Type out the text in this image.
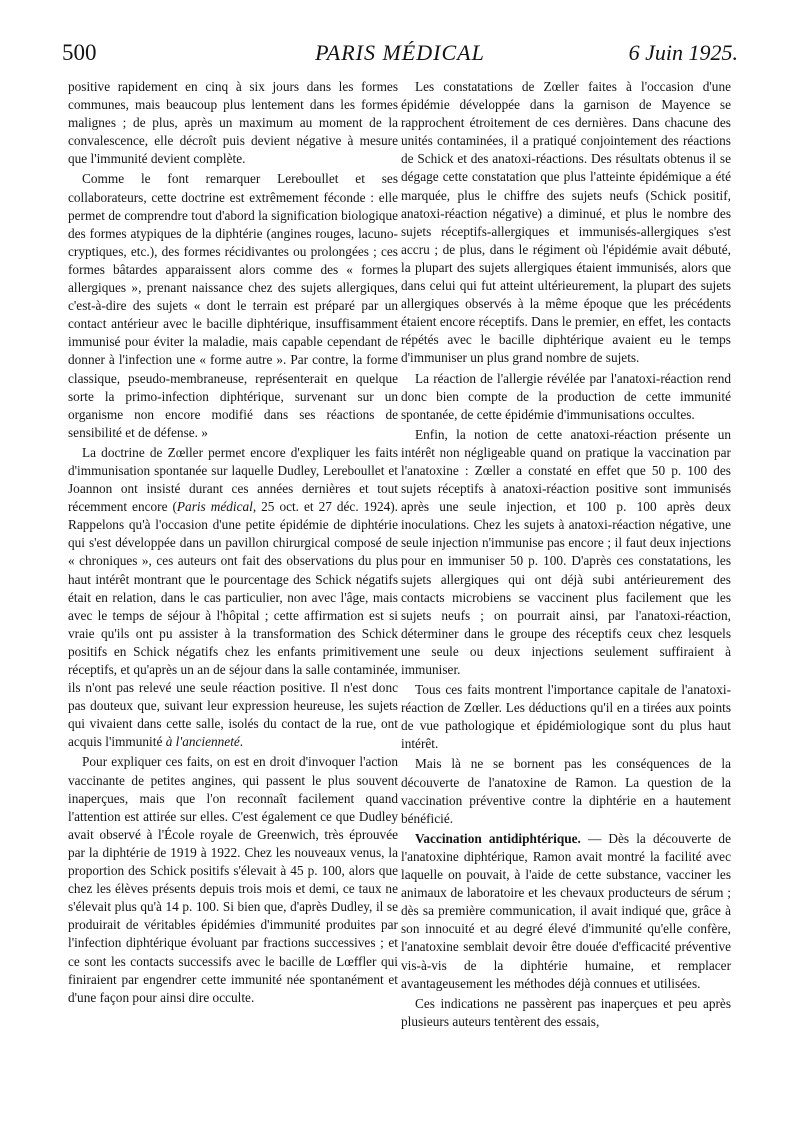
500	PARIS MÉDICAL	6 Juin 1925.

positive rapidement en cinq à six jours dans les formes communes, mais beaucoup plus lentement dans les formes malignes ; de plus, après un maximum au moment de la convalescence, elle décroît puis devient négative à mesure que l'immunité devient complète.

Comme le font remarquer Lereboullet et ses collaborateurs, cette doctrine est extrêmement féconde : elle permet de comprendre tout d'abord la signification biologique des formes atypiques de la diphtérie (angines rouges, lacuno-cryptiques, etc.), des formes récidivantes ou prolongées ; ces formes bâtardes apparaissent alors comme des « formes allergiques », prenant naissance chez des sujets allergiques, c'est-à-dire des sujets « dont le terrain est préparé par un contact antérieur avec le bacille diphtérique, insuffisamment immunisé pour éviter la maladie, mais capable cependant de donner à l'infection une « forme autre ». Par contre, la forme classique, pseudo-membraneuse, représenterait en quelque sorte la primo-infection diphtérique, survenant sur un organisme non encore modifié dans ses réactions de sensibilité et de défense. »

La doctrine de Zœller permet encore d'expliquer les faits d'immunisation spontanée sur laquelle Dudley, Lereboullet et Joannon ont insisté durant ces années dernières et tout récemment encore (Paris médical, 25 oct. et 27 déc. 1924). Rappelons qu'à l'occasion d'une petite épidémie de diphtérie qui s'est développée dans un pavillon chirurgical composé de « chroniques », ces auteurs ont fait des observations du plus haut intérêt montrant que le pourcentage des Schick négatifs était en relation, dans le cas particulier, non avec l'âge, mais avec le temps de séjour à l'hôpital ; cette affirmation est si vraie qu'ils ont pu assister à la transformation des Schick positifs en Schick négatifs chez les enfants primitivement réceptifs, et qu'après un an de séjour dans la salle contaminée, ils n'ont pas relevé une seule réaction positive. Il n'est donc pas douteux que, suivant leur expression heureuse, les sujets qui vivaient dans cette salle, isolés du contact de la rue, ont acquis l'immunité à l'ancienneté.

Pour expliquer ces faits, on est en droit d'invoquer l'action vaccinante de petites angines, qui passent le plus souvent inaperçues, mais que l'on reconnaît facilement quand l'attention est attirée sur elles. C'est également ce que Dudley avait observé à l'École royale de Greenwich, très éprouvée par la diphtérie de 1919 à 1922. Chez les nouveaux venus, la proportion des Schick positifs s'élevait à 45 p. 100, alors que chez les élèves présents depuis trois mois et demi, ce taux ne s'élevait plus qu'à 14 p. 100. Si bien que, d'après Dudley, il se produirait de véritables épidémies d'immunité produites par l'infection diphtérique évoluant par fractions successives ; et ce sont les contacts successifs avec le bacille de Lœffler qui finiraient par engendrer cette immunité née spontanément et d'une façon pour ainsi dire occulte.

Les constatations de Zœller faites à l'occasion d'une épidémie développée dans la garnison de Mayence se rapprochent étroitement de ces dernières. Dans chacune des unités contaminées, il a pratiqué conjointement des réactions de Schick et des anatoxi-réactions. Des résultats obtenus il se dégage cette constatation que plus l'atteinte épidémique a été marquée, plus le chiffre des sujets neufs (Schick positif, anatoxi-réaction négative) a diminué, et plus le nombre des sujets réceptifs-allergiques et immunisés-allergiques s'est accru ; de plus, dans le régiment où l'épidémie avait débuté, la plupart des sujets allergiques étaient immunisés, alors que dans celui qui fut atteint ultérieurement, la plupart des sujets allergiques observés à la même époque que les précédents étaient encore réceptifs. Dans le premier, en effet, les contacts répétés avec le bacille diphtérique avaient eu le temps d'immuniser un plus grand nombre de sujets.

La réaction de l'allergie révélée par l'anatoxi-réaction rend donc bien compte de la production de cette immunité spontanée, de cette épidémie d'immunisations occultes.

Enfin, la notion de cette anatoxi-réaction présente un intérêt non négligeable quand on pratique la vaccination par l'anatoxine : Zœller a constaté en effet que 50 p. 100 des sujets réceptifs à anatoxi-réaction positive sont immunisés après une seule injection, et 100 p. 100 après deux inoculations. Chez les sujets à anatoxi-réaction négative, une seule injection n'immunise pas encore ; il faut deux injections pour en immuniser 50 p. 100. D'après ces constatations, les sujets allergiques qui ont déjà subi antérieurement des contacts microbiens se vaccinent plus facilement que les sujets neufs ; on pourrait ainsi, par l'anatoxi-réaction, déterminer dans le groupe des réceptifs ceux chez lesquels une seule ou deux injections seulement suffiraient à immuniser.

Tous ces faits montrent l'importance capitale de l'anatoxi-réaction de Zœller. Les déductions qu'il en a tirées aux points de vue pathologique et épidémiologique sont du plus haut intérêt.

Mais là ne se bornent pas les conséquences de la découverte de l'anatoxine de Ramon. La question de la vaccination préventive contre la diphtérie en a hautement bénéficié.

Vaccination antidiphtérique. — Dès la découverte de l'anatoxine diphtérique, Ramon avait montré la facilité avec laquelle on pouvait, à l'aide de cette substance, vacciner les animaux de laboratoire et les chevaux producteurs de sérum ; dès sa première communication, il avait indiqué que, grâce à son innocuité et au degré élevé d'immunité qu'elle confère, l'anatoxine semblait devoir être douée d'efficacité préventive vis-à-vis de la diphtérie humaine, et remplacer avantageusement les méthodes déjà connues et utilisées.

Ces indications ne passèrent pas inaperçues et peu après plusieurs auteurs tentèrent des essais,
